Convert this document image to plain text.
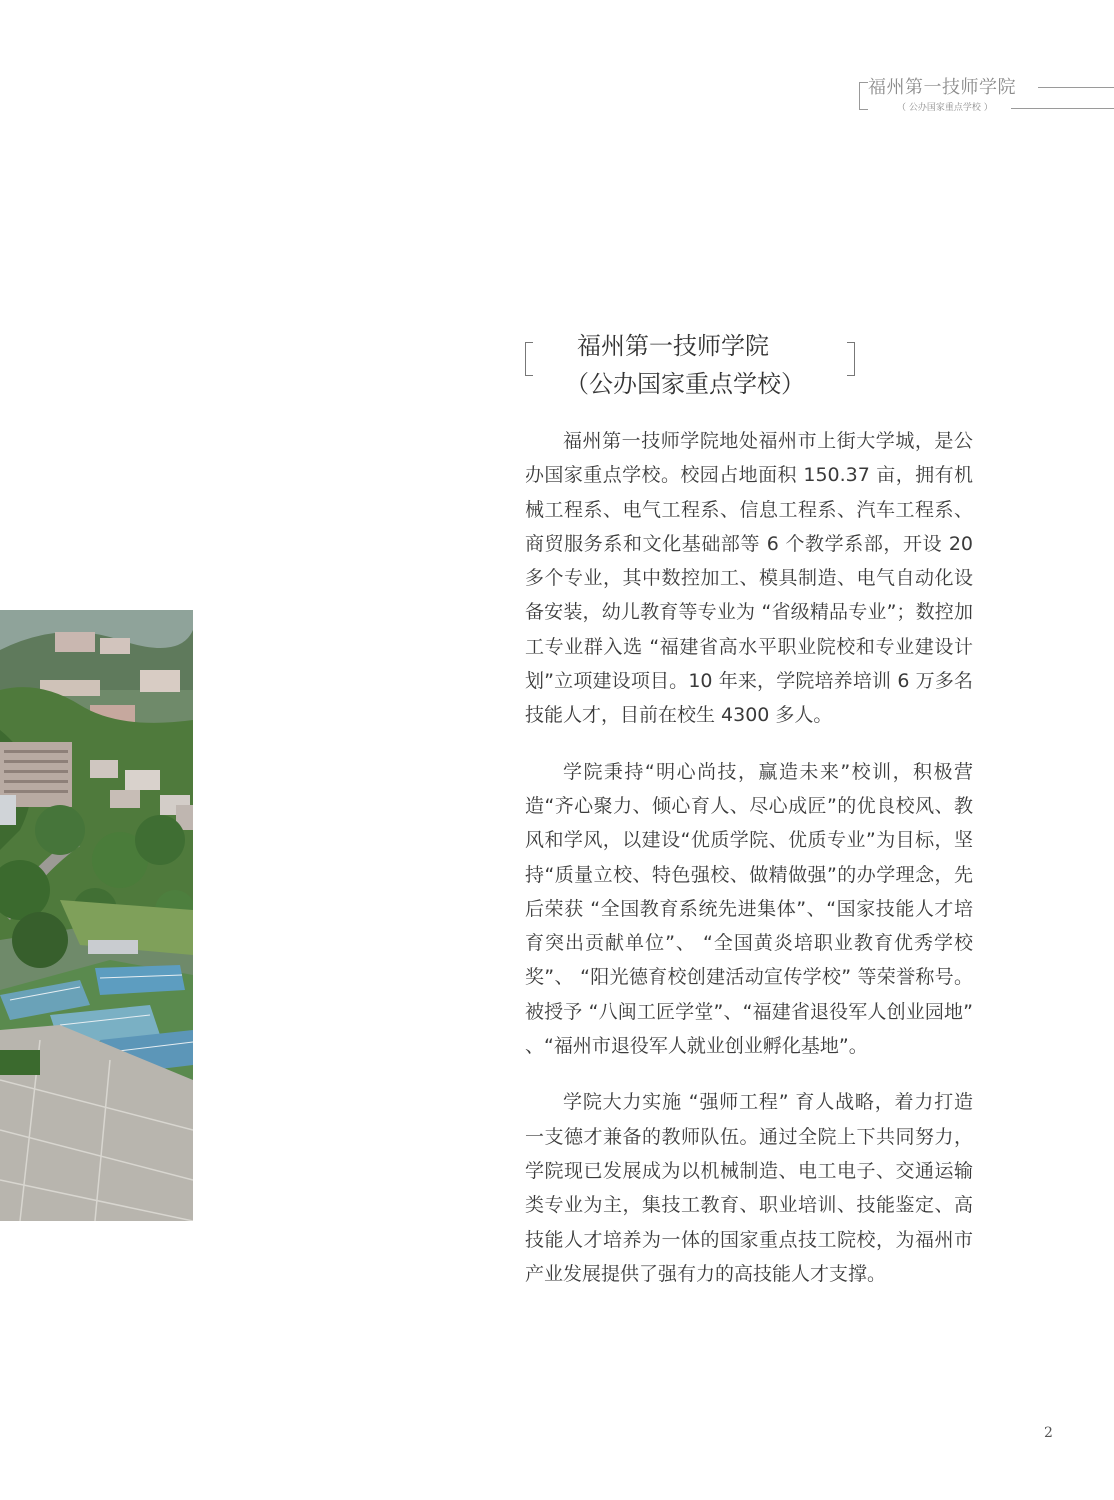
福州第一技师学院
（ 公办国家重点学校 ）
福州第一技师学院
（公办国家重点学校）

福州第一技师学院地处福州市上街大学城，是公办国家重点学校。校园占地面积 150.37 亩，拥有机械工程系、电气工程系、信息工程系、汽车工程系、商贸服务系和文化基础部等 6 个教学系部，开设 20 多个专业，其中数控加工、模具制造、电气自动化设备安装，幼儿教育等专业为 “省级精品专业”；数控加工专业群入选 “福建省高水平职业院校和专业建设计划”立项建设项目。10 年来，学院培养培训 6 万多名技能人才，目前在校生 4300 多人。

学院秉持“明心尚技，赢造未来”校训，积极营造“齐心聚力、倾心育人、尽心成匠”的优良校风、教风和学风，以建设“优质学院、优质专业”为目标，坚持“质量立校、特色强校、做精做强”的办学理念，先后荣获 “全国教育系统先进集体”、“国家技能人才培育突出贡献单位”、 “全国黄炎培职业教育优秀学校奖”、 “阳光德育校创建活动宣传学校” 等荣誉称号。被授予 “八闽工匠学堂”、“福建省退役军人创业园地” 、“福州市退役军人就业创业孵化基地”。

学院大力实施 “强师工程” 育人战略，着力打造一支德才兼备的教师队伍。通过全院上下共同努力，学院现已发展成为以机械制造、电工电子、交通运输类专业为主，集技工教育、职业培训、技能鉴定、高技能人才培养为一体的国家重点技工院校，为福州市产业发展提供了强有力的高技能人才支撑。

2
